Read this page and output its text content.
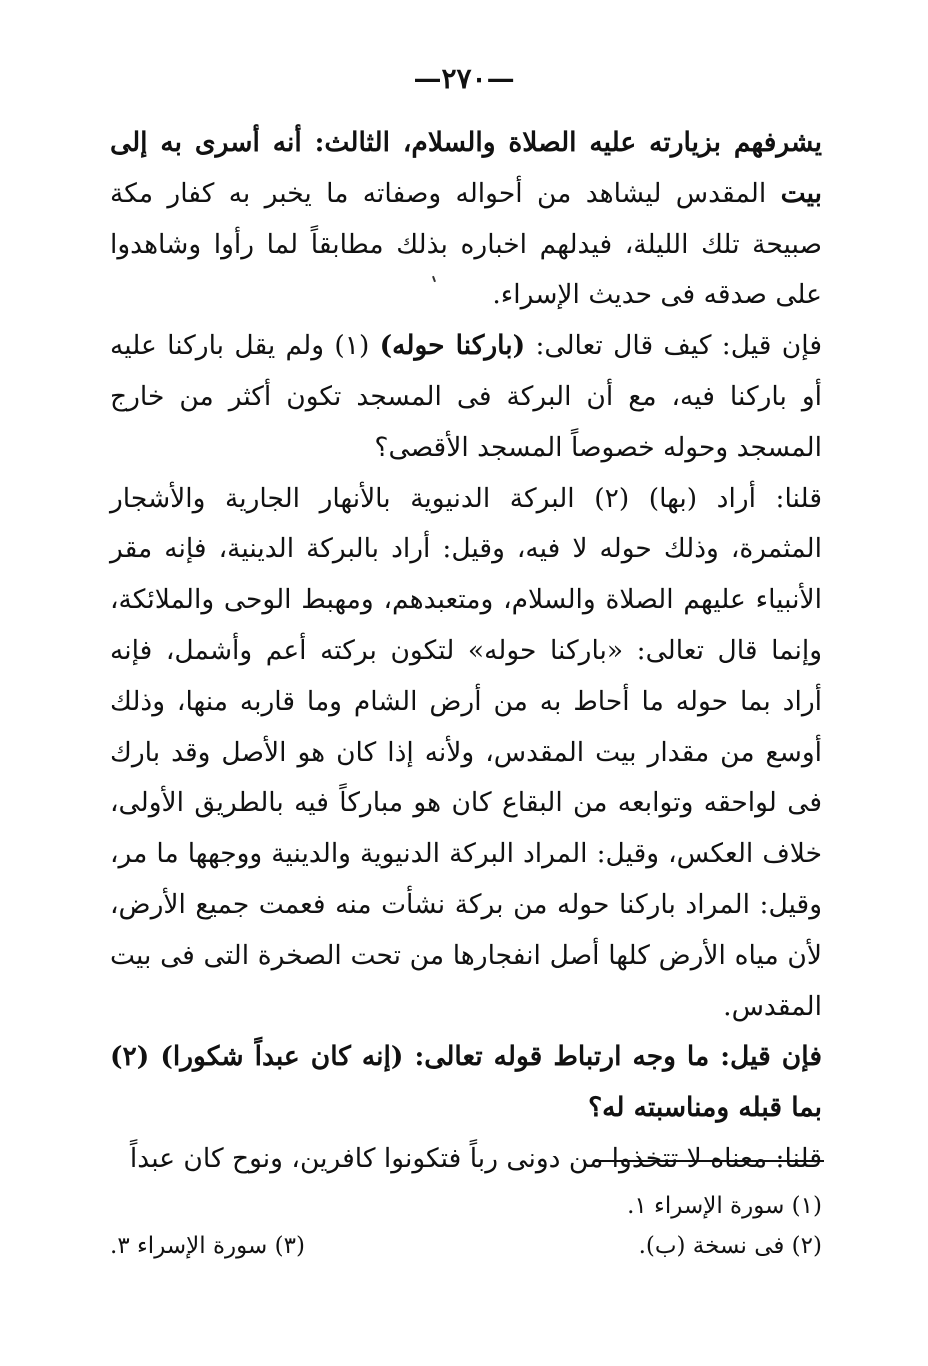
—٢٧٠—

يشرفهم بزيارته عليه الصلاة والسلام، الثالث: أنه أسرى به إلى بيت المقدس ليشاهد من أحواله وصفاته ما يخبر به كفار مكة صبيحة تلك الليلة، فيدلهم اخباره بذلك مطابقاً لما رأوا وشاهدوا على صدقه فى حديث الإسراء.

فإن قيل: كيف قال تعالى: (باركنا حوله) (١) ولم يقل باركنا عليه أو باركنا فيه، مع أن البركة فى المسجد تكون أكثر من خارج المسجد وحوله خصوصاً المسجد الأقصى؟

قلنا: أراد (بها) (٢) البركة الدنيوية بالأنهار الجارية والأشجار المثمرة، وذلك حوله لا فيه، وقيل: أراد بالبركة الدينية، فإنه مقر الأنبياء عليهم الصلاة والسلام، ومتعبدهم، ومهبط الوحى والملائكة، وإنما قال تعالى: «باركنا حوله» لتكون بركته أعم وأشمل، فإنه أراد بما حوله ما أحاط به من أرض الشام وما قاربه منها، وذلك أوسع من مقدار بيت المقدس، ولأنه إذا كان هو الأصل وقد بارك فى لواحقه وتوابعه من البقاع كان هو مباركاً فيه بالطريق الأولى، خلاف العكس، وقيل: المراد البركة الدنيوية والدينية ووجهها ما مر، وقيل: المراد باركنا حوله من بركة نشأت منه فعمت جميع الأرض، لأن مياه الأرض كلها أصل انفجارها من تحت الصخرة التى فى بيت المقدس.

فإن قيل: ما وجه ارتباط قوله تعالى: (إنه كان عبداً شكورا) (٢) بما قبله ومناسبته له؟

قلنا: معناه لا تتخذوا من دونى رباً فتكونوا كافرين، ونوح كان عبداً

(١) سورة الإسراء ١.
(٢) فى نسخة (ب).
(٣) سورة الإسراء ٣.
